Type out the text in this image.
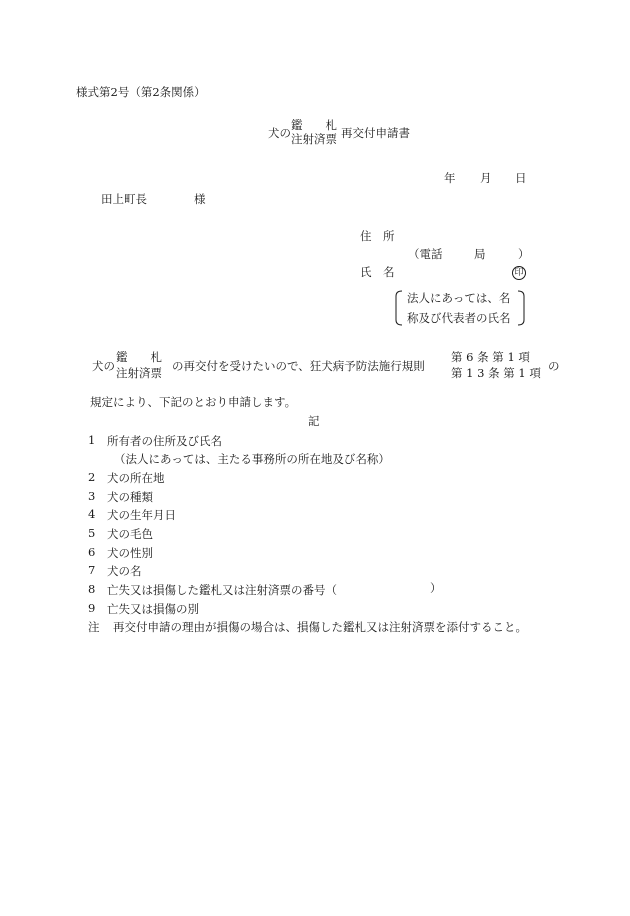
様式第2号（第2条関係）
犬の
鑑　　札
注射済票 再交付申請書
年 月 日
田上町長	様
住　所
（電話	局	）
氏　名	印
法人にあっては、名
称及び代表者の氏名
犬の
鑑　　札
注射済票 の再交付を受けたいので、狂犬病予防法施行規則
第 6 条 第 1 項
第 1 3 条 第 1 項 の
規定により、下記のとおり申請します。
記
1 所有者の住所及び氏名
（法人にあっては、主たる事務所の所在地及び名称）
2 犬の所在地
3 犬の種類
4 犬の生年月日
5 犬の毛色
6 犬の性別
7 犬の名
8 亡失又は損傷した鑑札又は注射済票の番号（	）
9 亡失又は損傷の別
注 再交付申請の理由が損傷の場合は、損傷した鑑札又は注射済票を添付すること。
